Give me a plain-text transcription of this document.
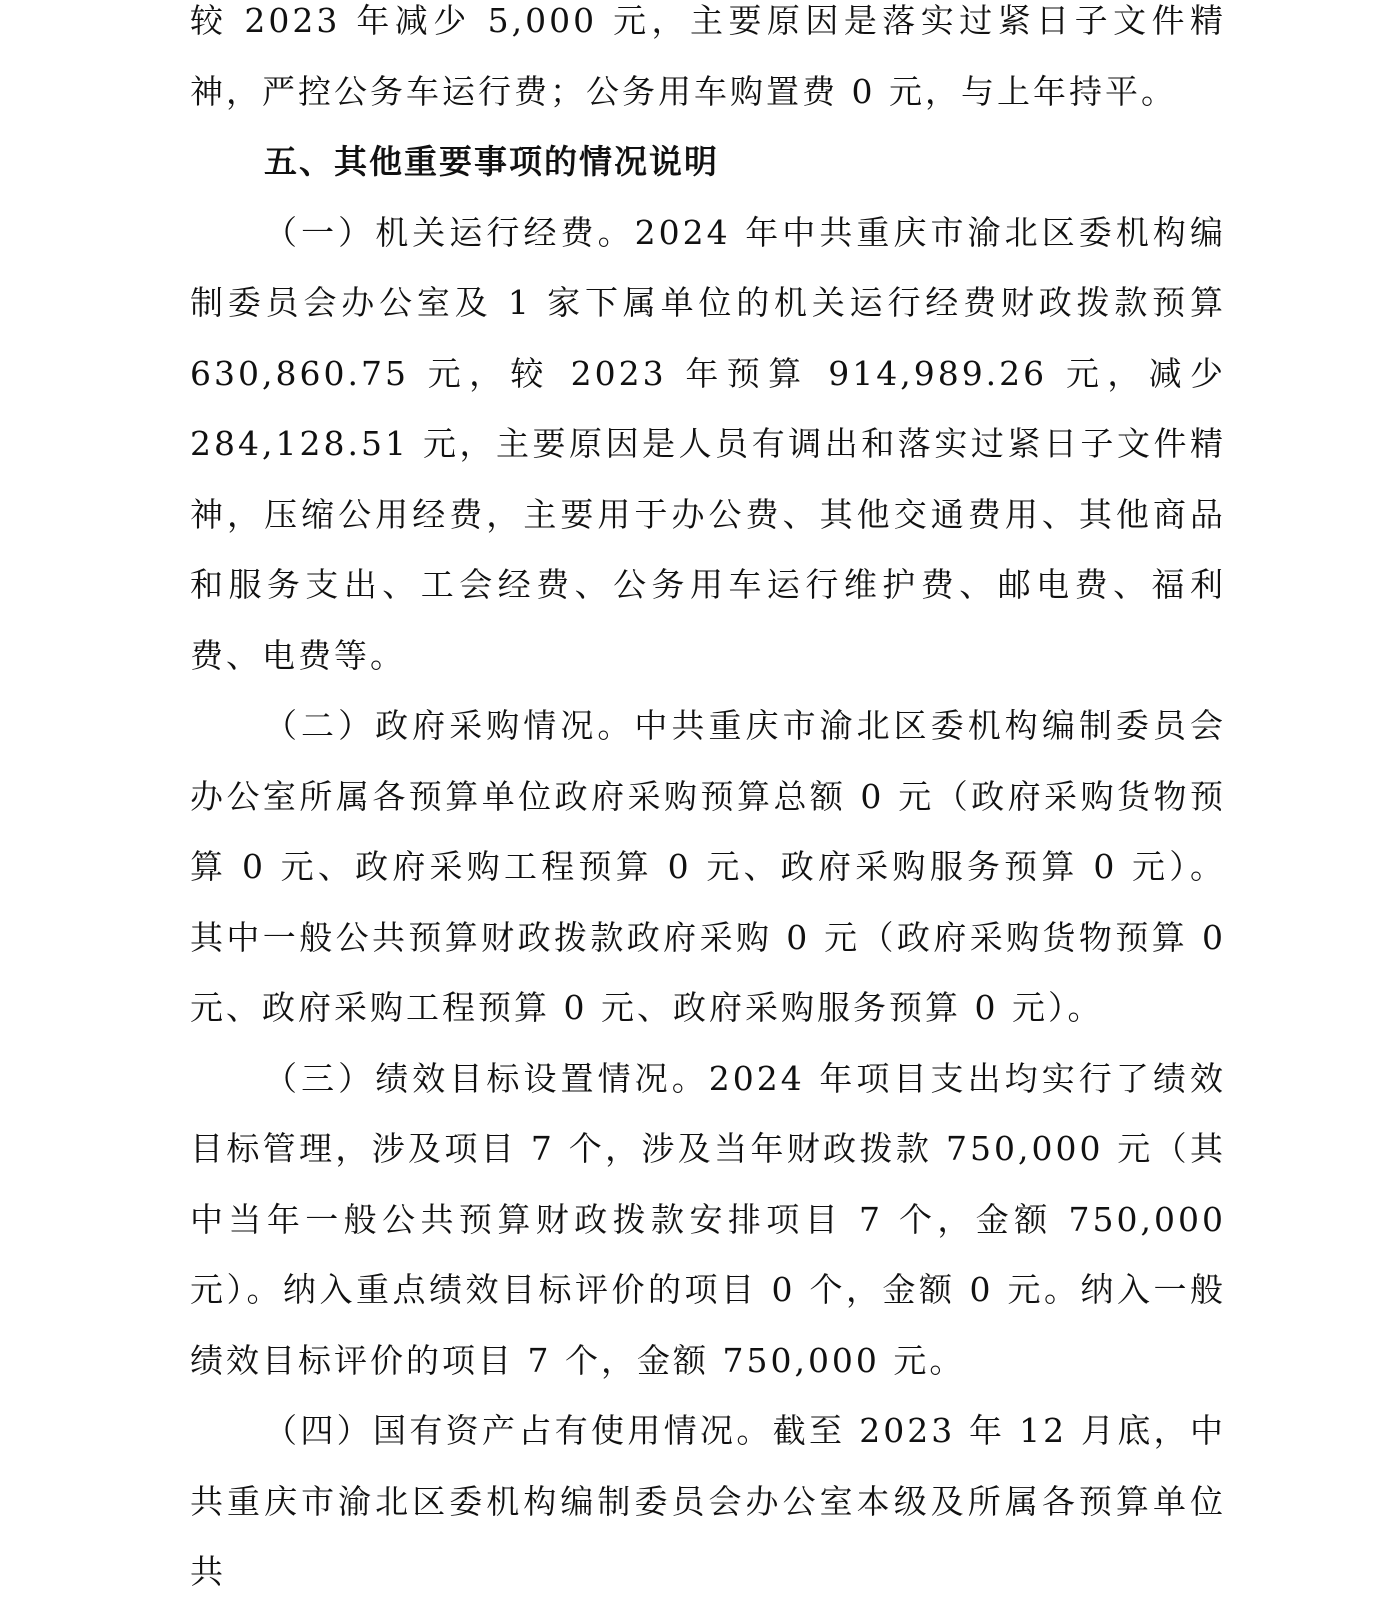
较 2023 年减少 5,000 元，主要原因是落实过紧日子文件精神，严控公务车运行费；公务用车购置费 0 元，与上年持平。

五、其他重要事项的情况说明

（一）机关运行经费。2024 年中共重庆市渝北区委机构编制委员会办公室及 1 家下属单位的机关运行经费财政拨款预算 630,860.75 元，较 2023 年预算 914,989.26 元，减少 284,128.51 元，主要原因是人员有调出和落实过紧日子文件精神，压缩公用经费，主要用于办公费、其他交通费用、其他商品和服务支出、工会经费、公务用车运行维护费、邮电费、福利费、电费等。

（二）政府采购情况。中共重庆市渝北区委机构编制委员会办公室所属各预算单位政府采购预算总额 0 元（政府采购货物预算 0 元、政府采购工程预算 0 元、政府采购服务预算 0 元）。其中一般公共预算财政拨款政府采购 0 元（政府采购货物预算 0 元、政府采购工程预算 0 元、政府采购服务预算 0 元）。

（三）绩效目标设置情况。2024 年项目支出均实行了绩效目标管理，涉及项目 7 个，涉及当年财政拨款 750,000 元（其中当年一般公共预算财政拨款安排项目 7 个，金额 750,000 元）。纳入重点绩效目标评价的项目 0 个，金额 0 元。纳入一般绩效目标评价的项目 7 个，金额 750,000 元。

（四）国有资产占有使用情况。截至 2023 年 12 月底，中共重庆市渝北区委机构编制委员会办公室本级及所属各预算单位共
